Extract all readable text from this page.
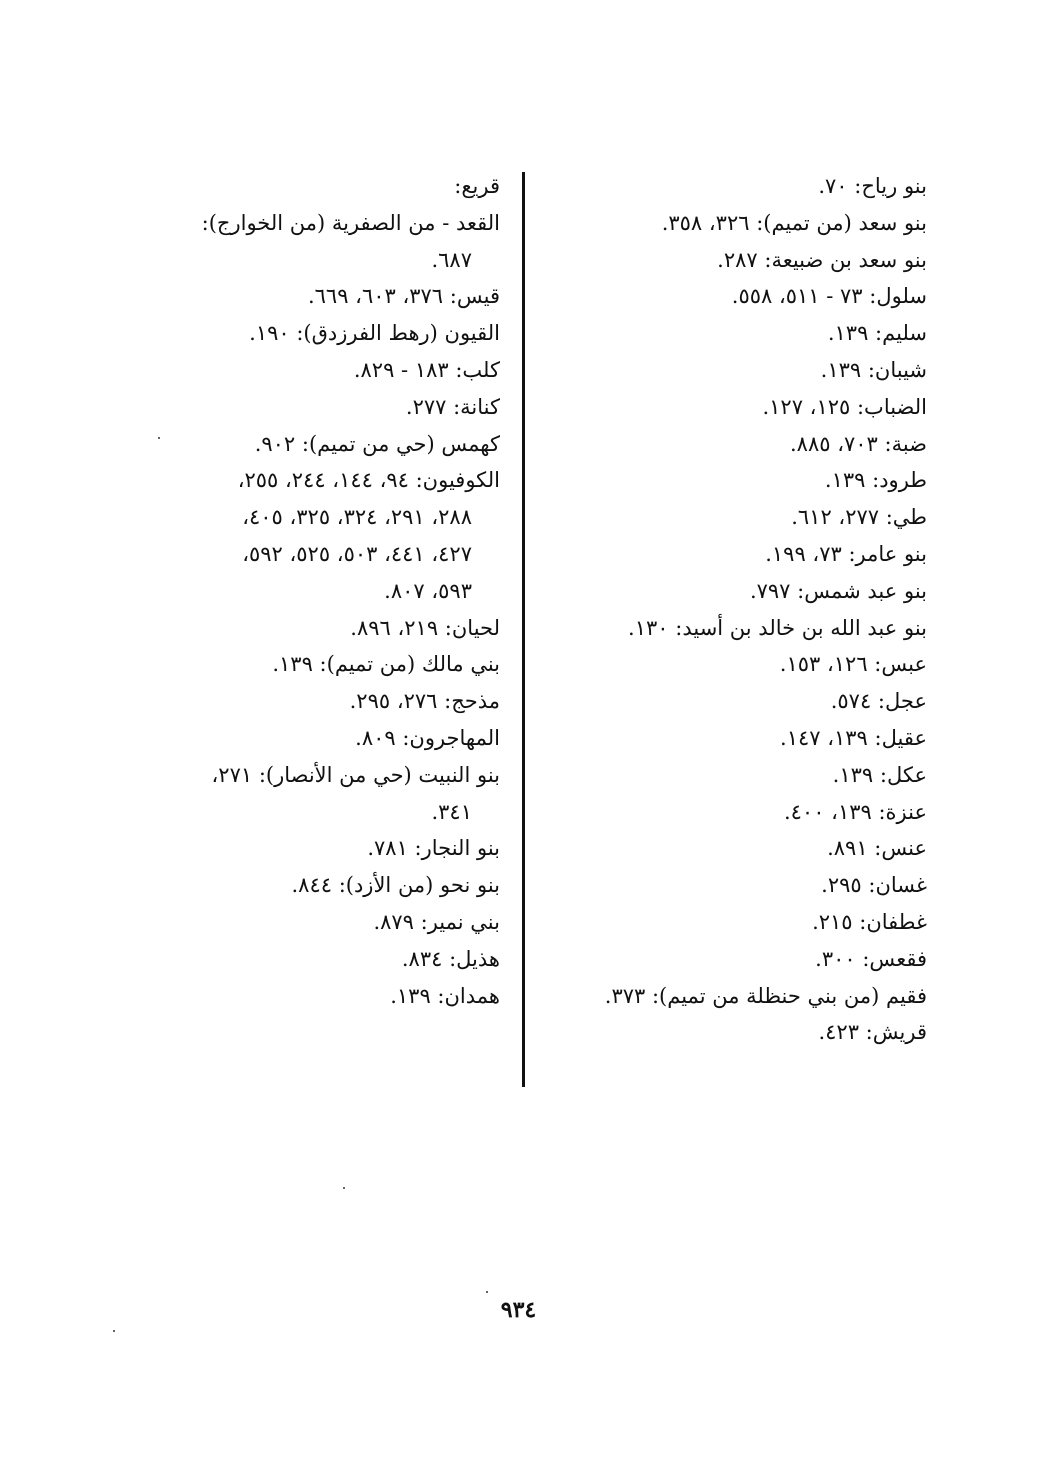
بنو رياح: ٧٠.
بنو سعد (من تميم): ٣٢٦، ٣٥٨.
بنو سعد بن ضبيعة: ٢٨٧.
سلول: ٧٣ - ٥١١، ٥٥٨.
سليم: ١٣٩.
شيبان: ١٣٩.
الضباب: ١٢٥، ١٢٧.
ضبة: ٧٠٣، ٨٨٥.
طرود: ١٣٩.
طي: ٢٧٧، ٦١٢.
بنو عامر: ٧٣، ١٩٩.
بنو عبد شمس: ٧٩٧.
بنو عبد الله بن خالد بن أسيد: ١٣٠.
عبس: ١٢٦، ١٥٣.
عجل: ٥٧٤.
عقيل: ١٣٩، ١٤٧.
عكل: ١٣٩.
عنزة: ١٣٩، ٤٠٠.
عنس: ٨٩١.
غسان: ٢٩٥.
غطفان: ٢١٥.
فقعس: ٣٠٠.
فقيم (من بني حنظلة من تميم): ٣٧٣.
قريش: ٤٢٣.
قريع:
القعد - من الصفرية (من الخوارج):
٦٨٧.
قيس: ٣٧٦، ٦٠٣، ٦٦٩.
القيون (رهط الفرزدق): ١٩٠.
كلب: ١٨٣ - ٨٢٩.
كنانة: ٢٧٧.
كهمس (حي من تميم): ٩٠٢.
الكوفيون: ٩٤، ١٤٤، ٢٤٤، ٢٥٥،
٢٨٨، ٢٩١، ٣٢٤، ٣٢٥، ٤٠٥،
٤٢٧، ٤٤١، ٥٠٣، ٥٢٥، ٥٩٢،
٥٩٣، ٨٠٧.
لحيان: ٢١٩، ٨٩٦.
بني مالك (من تميم): ١٣٩.
مذحج: ٢٧٦، ٢٩٥.
المهاجرون: ٨٠٩.
بنو النبيت (حي من الأنصار): ٢٧١،
٣٤١.
بنو النجار: ٧٨١.
بنو نحو (من الأزد): ٨٤٤.
بني نمير: ٨٧٩.
هذيل: ٨٣٤.
همدان: ١٣٩.
٩٣٤
